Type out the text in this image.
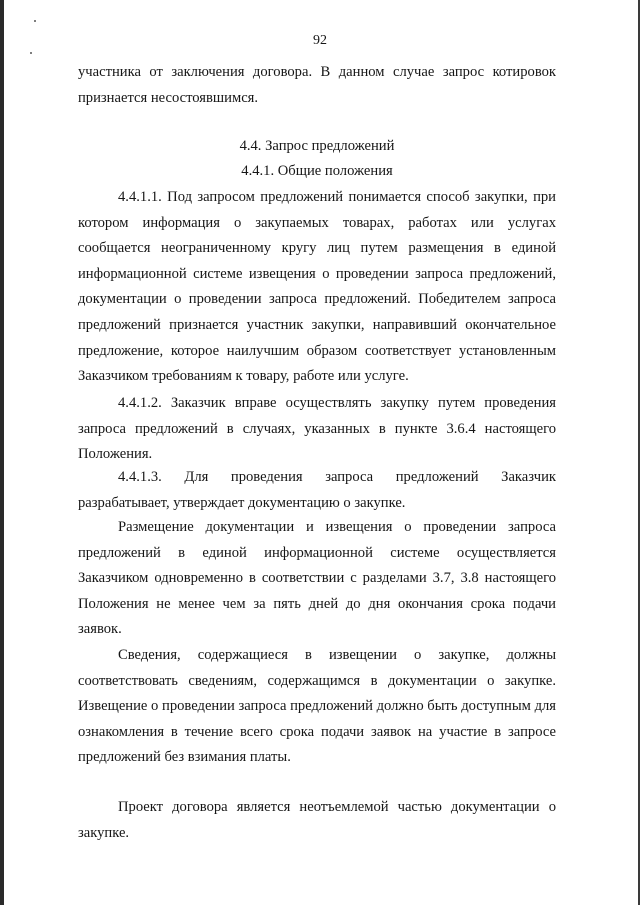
92

участника от заключения договора. В данном случае запрос котировок признается несостоявшимся.

4.4. Запрос предложений
4.4.1. Общие положения

4.4.1.1. Под запросом предложений понимается способ закупки, при котором информация о закупаемых товарах, работах или услугах сообщается неограниченному кругу лиц путем размещения в единой информационной системе извещения о проведении запроса предложений, документации о проведении запроса предложений. Победителем запроса предложений признается участник закупки, направивший окончательное предложение, которое наилучшим образом соответствует установленным Заказчиком требованиям к товару, работе или услуге.

4.4.1.2. Заказчик вправе осуществлять закупку путем проведения запроса предложений в случаях, указанных в пункте 3.6.4 настоящего Положения.

4.4.1.3. Для проведения запроса предложений Заказчик разрабатывает, утверждает документацию о закупке.

Размещение документации и извещения о проведении запроса предложений в единой информационной системе осуществляется Заказчиком одновременно в соответствии с разделами 3.7, 3.8 настоящего Положения не менее чем за пять дней до дня окончания срока подачи заявок.

Сведения, содержащиеся в извещении о закупке, должны соответствовать сведениям, содержащимся в документации о закупке. Извещение о проведении запроса предложений должно быть доступным для ознакомления в течение всего срока подачи заявок на участие в запросе предложений без взимания платы.

Проект договора является неотъемлемой частью документации о закупке.
